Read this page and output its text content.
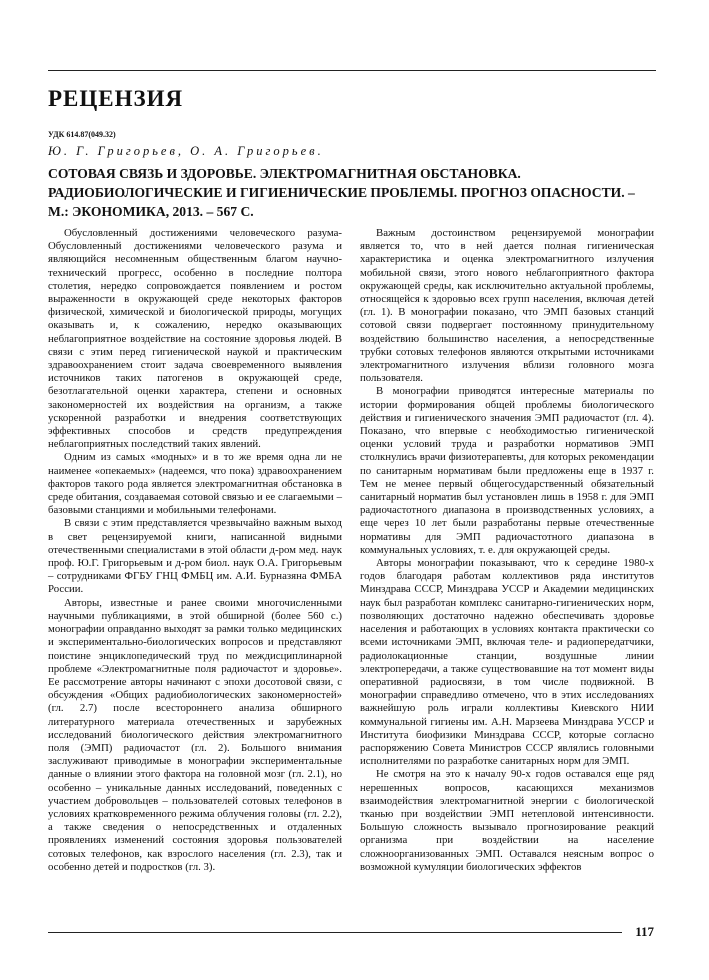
РЕЦЕНЗИЯ
УДК 614.87(049.32)
Ю. Г. Григорьев, О. А. Григорьев.
СОТОВАЯ СВЯЗЬ И ЗДОРОВЬЕ. ЭЛЕКТРОМАГНИТНАЯ ОБСТАНОВКА. РАДИОБИОЛОГИЧЕСКИЕ И ГИГИЕНИЧЕСКИЕ ПРОБЛЕМЫ. ПРОГНОЗ ОПАСНОСТИ. – М.: ЭКОНОМИКА, 2013. – 567 С.

Обусловленный достижениями человеческого разума-Обусловленный достижениями человеческого разума и являющийся несомненным общественным благом научно-технический прогресс, особенно в последние полтора столетия, нередко сопровождается появлением и ростом выраженности в окружающей среде некоторых факторов физической, химической и биологической природы, могущих оказывать и, к сожалению, нередко оказывающих неблагоприятное воздействие на состояние здоровья людей. В связи с этим перед гигиенической наукой и практическим здравоохранением стоит задача своевременного выявления источников таких патогенов в окружающей среде, безотлагательной оценки характера, степени и основных закономерностей их воздействия на организм, а также ускоренной разработки и внедрения соответствующих эффективных способов и средств предупреждения неблагоприятных последствий таких явлений.

Одним из самых «модных» и в то же время одна ли не наименее «опекаемых» (надеемся, что пока) здравоохранением факторов такого рода является электромагнитная обстановка в среде обитания, создаваемая сотовой связью и ее слагаемыми – базовыми станциями и мобильными телефонами.

В связи с этим представляется чрезвычайно важным выход в свет рецензируемой книги, написанной видными отечественными специалистами в этой области д-ром мед. наук проф. Ю.Г. Григорьевым и д-ром биол. наук О.А. Григорьевым – сотрудниками ФГБУ ГНЦ ФМБЦ им. А.И. Бурназяна ФМБА России.

Авторы, известные и ранее своими многочисленными научными публикациями, в этой обширной (более 560 с.) монографии оправданно выходят за рамки только медицинских и экспериментально-биологических вопросов и представляют поистине энциклопедический труд по междисциплинарной проблеме «Электромагнитные поля радиочастот и здоровье». Ее рассмотрение авторы начинают с эпохи досотовой связи, с обсуждения «Общих радиобиологических закономерностей» (гл. 2.7) после всестороннего анализа обширного литературного материала отечественных и зарубежных исследований биологического действия электромагнитного поля (ЭМП) радиочастот (гл. 2). Большого внимания заслуживают приводимые в монографии экспериментальные данные о влиянии этого фактора на головной мозг (гл. 2.1), но особенно – уникальные данных исследований, поведенных с участием добровольцев – пользователей сотовых телефонов в условиях кратковременного режима облучения головы (гл. 2.2), а также сведения о непосредственных и отдаленных проявлениях изменений состояния здоровья пользователей сотовых телефонов, как взрослого населения (гл. 2.3), так и особенно детей и подростков (гл. 3).

Важным достоинством рецензируемой монографии является то, что в ней дается полная гигиеническая характеристика и оценка электромагнитного излучения мобильной связи, этого нового неблагоприятного фактора окружающей среды, как исключительно актуальной проблемы, относящейся к здоровью всех групп населения, включая детей (гл. 1). В монографии показано, что ЭМП базовых станций сотовой связи подвергает постоянному принудительному воздействию большинство населения, а непосредственные трубки сотовых телефонов являются открытыми источниками электромагнитного излучения вблизи головного мозга пользователя.

В монографии приводятся интересные материалы по истории формирования общей проблемы биологического действия и гигиенического значения ЭМП радиочастот (гл. 4). Показано, что впервые с необходимостью гигиенической оценки условий труда и разработки нормативов ЭМП столкнулись врачи физиотерапевты, для которых рекомендации по санитарным нормативам были предложены еще в 1937 г. Тем не менее первый общегосударственный обязательный санитарный норматив был установлен лишь в 1958 г. для ЭМП радиочастотного диапазона в производственных условиях, а еще через 10 лет были разработаны первые отечественные нормативы для ЭМП радиочастотного диапазона в коммунальных условиях, т. е. для окружающей среды.

Авторы монографии показывают, что к середине 1980-х годов благодаря работам коллективов ряда институтов Минздрава СССР, Минздрава УССР и Академии медицинских наук был разработан комплекс санитарно-гигиенических норм, позволяющих достаточно надежно обеспечивать здоровье населения и работающих в условиях контакта практически со всеми источниками ЭМП, включая теле- и радиопередатчики, радиолокационные станции, воздушные линии электропередачи, а также существовавшие на тот момент виды оперативной радиосвязи, в том числе подвижной. В монографии справедливо отмечено, что в этих исследованиях важнейшую роль играли коллективы Киевского НИИ коммунальной гигиены им. А.Н. Марзеева Минздрава УССР и Института биофизики Минздрава СССР, которые согласно распоряжению Совета Министров СССР являлись головными исполнителями по разработке санитарных норм для ЭМП.

Не смотря на это к началу 90-х годов оставался еще ряд нерешенных вопросов, касающихся механизмов взаимодействия электромагнитной энергии с биологической тканью при воздействии ЭМП нетепловой интенсивности. Большую сложность вызывало прогнозирование реакций организма при воздействии на население сложноорганизованных ЭМП. Оставался неясным вопрос о возможной кумуляции биологических эффектов

117
